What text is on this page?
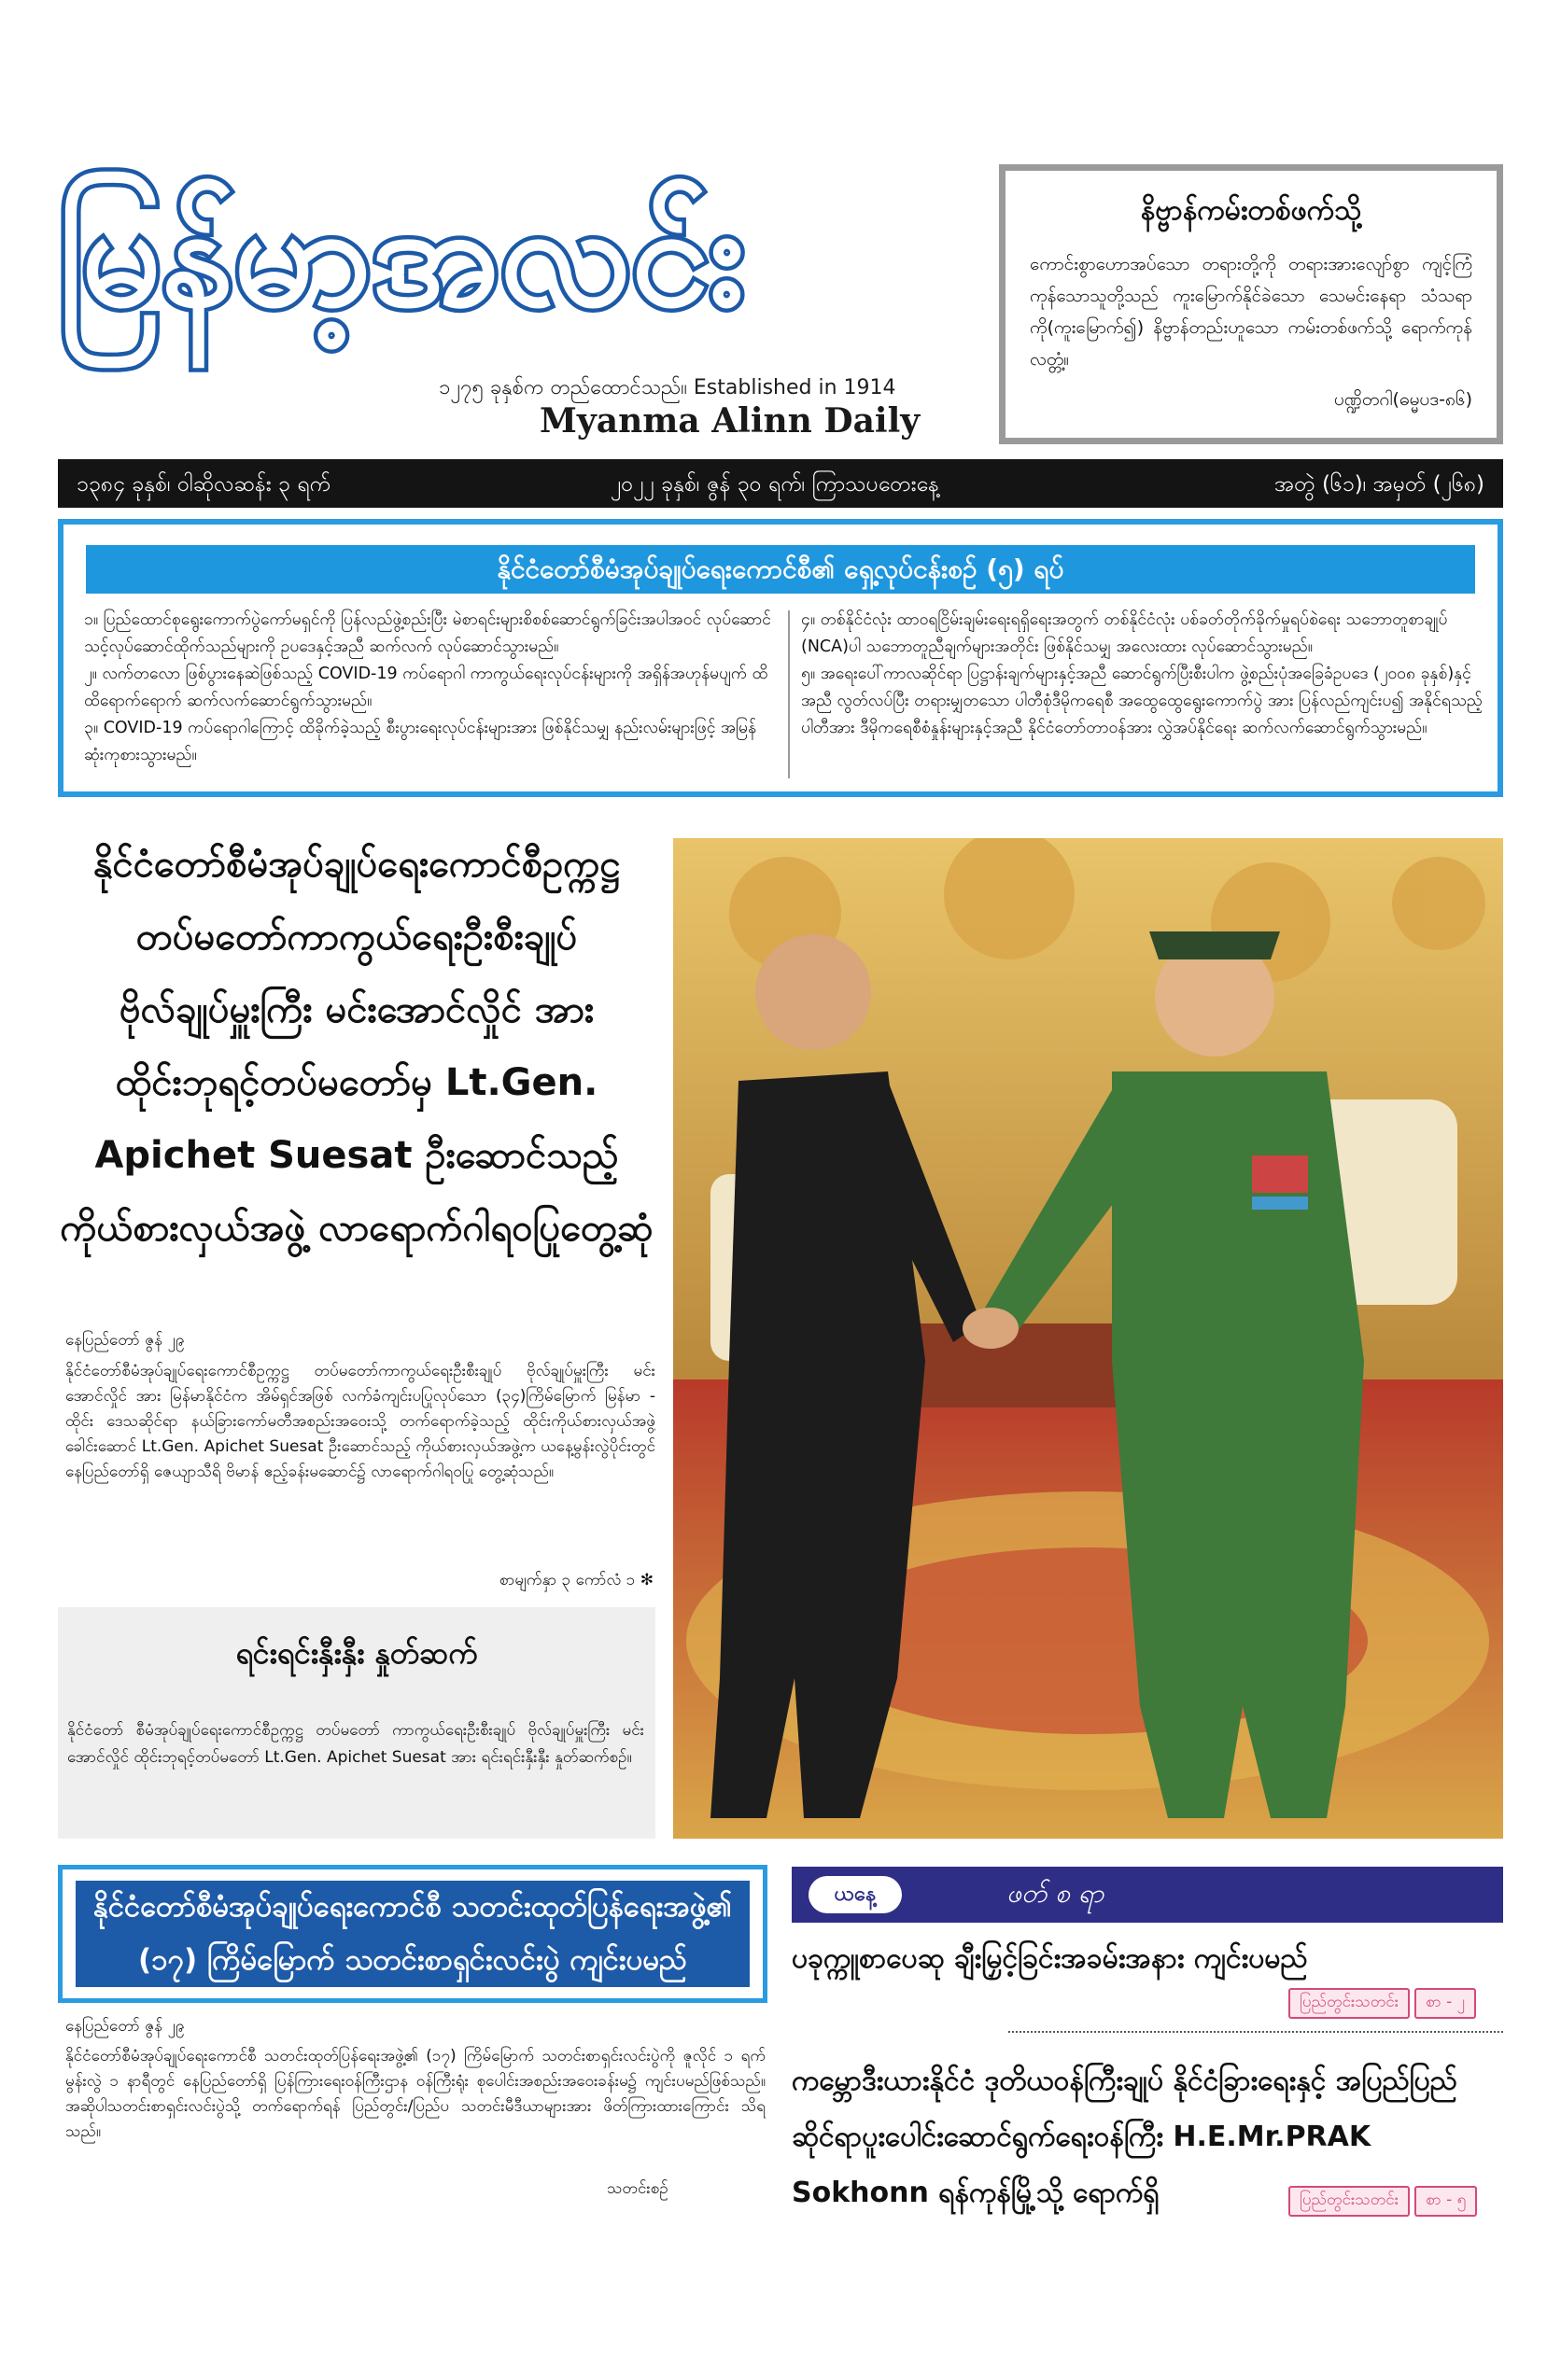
မြန်မာ့အလင်း
၁၂၇၅ ခုနှစ်က တည်ထောင်သည်။ Established in 1914
Myanma Alinn Daily
နိဗ္ဗာန်ကမ်းတစ်ဖက်သို့
ကောင်းစွာဟောအပ်သော တရားတို့ကို တရားအားလျော်စွာ ကျင့်ကြံကုန်သောသူတို့သည် ကူးမြောက်နိုင်ခဲသော သေမင်းနေရာ သံသရာကို(ကူးမြောက်၍) နိဗ္ဗာန်တည်းဟူသော ကမ်းတစ်ဖက်သို့ ရောက်ကုန်လတ္တံ့။
ပဏ္ဍိတဂါ(ဓမ္မပဒ-၈၆)
၁၃၈၄ ခုနှစ်၊ ဝါဆိုလဆန်း ၃ ရက်	၂၀၂၂ ခုနှစ်၊ ဇွန် ၃၀ ရက်၊ ကြာသပတေးနေ့	အတွဲ (၆၁)၊ အမှတ် (၂၆၈)
နိုင်ငံတော်စီမံအုပ်ချုပ်ရေးကောင်စီ၏ ရှေ့လုပ်ငန်းစဉ် (၅) ရပ်
၁။ ပြည်ထောင်စုရွေးကောက်ပွဲကော်မရှင်ကို ပြန်လည်ဖွဲ့စည်းပြီး မဲစာရင်းများစိစစ်ဆောင်ရွက်ခြင်းအပါအဝင် လုပ်ဆောင်သင့်လုပ်ဆောင်ထိုက်သည်များကို ဥပဒေနှင့်အညီ ဆက်လက် လုပ်ဆောင်သွားမည်။
၂။ လက်တလော ဖြစ်ပွားနေဆဲဖြစ်သည့် COVID-19 ကပ်ရောဂါ ကာကွယ်ရေးလုပ်ငန်းများကို အရှိန်အဟုန်မပျက် ထိထိရောက်ရောက် ဆက်လက်ဆောင်ရွက်သွားမည်။
၃။ COVID-19 ကပ်ရောဂါကြောင့် ထိခိုက်ခဲ့သည့် စီးပွားရေးလုပ်ငန်းများအား ဖြစ်နိုင်သမျှ နည်းလမ်းများဖြင့် အမြန်ဆုံးကုစားသွားမည်။
၄။ တစ်နိုင်ငံလုံး ထာဝရငြိမ်းချမ်းရေးရရှိရေးအတွက် တစ်နိုင်ငံလုံး ပစ်ခတ်တိုက်ခိုက်မှုရပ်စဲရေး သဘောတူစာချုပ် (NCA)ပါ သဘောတူညီချက်များအတိုင်း ဖြစ်နိုင်သမျှ အလေးထား လုပ်ဆောင်သွားမည်။
၅။ အရေးပေါ်ကာလဆိုင်ရာ ပြဋ္ဌာန်းချက်များနှင့်အညီ ဆောင်ရွက်ပြီးစီးပါက ဖွဲ့စည်းပုံအခြေခံဥပဒေ (၂၀၀၈ ခုနှစ်)နှင့်အညီ လွတ်လပ်ပြီး တရားမျှတသော ပါတီစုံဒီမိုကရေစီ အထွေထွေရွေးကောက်ပွဲ အား ပြန်လည်ကျင်းပ၍ အနိုင်ရသည့်ပါတီအား ဒီမိုကရေစီစံနှုန်းများနှင့်အညီ နိုင်ငံတော်တာဝန်အား လွှဲအပ်နိုင်ရေး ဆက်လက်ဆောင်ရွက်သွားမည်။
နိုင်ငံတော်စီမံအုပ်ချုပ်ရေးကောင်စီဥက္ကဋ္ဌ
တပ်မတော်ကာကွယ်ရေးဦးစီးချုပ်
ဗိုလ်ချုပ်မှူးကြီး မင်းအောင်လှိုင် အား
ထိုင်းဘုရင့်တပ်မတော်မှ Lt.Gen.
Apichet Suesat ဦးဆောင်သည့်
ကိုယ်စားလှယ်အဖွဲ့ လာရောက်ဂါရဝပြုတွေ့ဆုံ
နေပြည်တော် ဇွန် ၂၉
နိုင်ငံတော်စီမံအုပ်ချုပ်ရေးကောင်စီဥက္ကဋ္ဌ တပ်မတော်ကာကွယ်ရေးဦးစီးချုပ် ဗိုလ်ချုပ်မှူးကြီး မင်းအောင်လှိုင် အား မြန်မာနိုင်ငံက အိမ်ရှင်အဖြစ် လက်ခံကျင်းပပြုလုပ်သော (၃၄)ကြိမ်မြောက် မြန်မာ - ထိုင်း ဒေသဆိုင်ရာ နယ်ခြားကော်မတီအစည်းအဝေးသို့ တက်ရောက်ခဲ့သည့် ထိုင်းကိုယ်စားလှယ်အဖွဲ့ခေါင်းဆောင် Lt.Gen. Apichet Suesat ဦးဆောင်သည့် ကိုယ်စားလှယ်အဖွဲ့က ယနေ့မွန်းလွဲပိုင်းတွင် နေပြည်တော်ရှိ ဇေယျာသီရိ ဗိမာန် ဧည့်ခန်းမဆောင်၌ လာရောက်ဂါရဝပြု တွေ့ဆုံသည်။
စာမျက်နှာ ၃ ကော်လံ ၁ ✻
ရင်းရင်းနှီးနှီး နှုတ်ဆက်
နိုင်ငံတော် စီမံအုပ်ချုပ်ရေးကောင်စီဥက္ကဋ္ဌ တပ်မတော် ကာကွယ်ရေးဦးစီးချုပ် ဗိုလ်ချုပ်မှူးကြီး မင်းအောင်လှိုင် ထိုင်းဘုရင့်တပ်မတော် Lt.Gen. Apichet Suesat အား ရင်းရင်းနှီးနှီး နှုတ်ဆက်စဉ်။
နိုင်ငံတော်စီမံအုပ်ချုပ်ရေးကောင်စီ သတင်းထုတ်ပြန်ရေးအဖွဲ့၏
(၁၇) ကြိမ်မြောက် သတင်းစာရှင်းလင်းပွဲ ကျင်းပမည်
နေပြည်တော် ဇွန် ၂၉
နိုင်ငံတော်စီမံအုပ်ချုပ်ရေးကောင်စီ သတင်းထုတ်ပြန်ရေးအဖွဲ့၏ (၁၇) ကြိမ်မြောက် သတင်းစာရှင်းလင်းပွဲကို ဇူလိုင် ၁ ရက် မွန်းလွဲ ၁ နာရီတွင် နေပြည်တော်ရှိ ပြန်ကြားရေးဝန်ကြီးဌာန ဝန်ကြီးရုံး စုပေါင်းအစည်းအဝေးခန်းမ၌ ကျင်းပမည်ဖြစ်သည်။ အဆိုပါသတင်းစာရှင်းလင်းပွဲသို့ တက်ရောက်ရန် ပြည်တွင်း/ပြည်ပ သတင်းမီဒီယာများအား ဖိတ်ကြားထားကြောင်း သိရသည်။
သတင်းစဉ်
ယနေ့	ဖတ် စ ရာ
ပခုက္ကူစာပေဆု ချီးမြှင့်ခြင်းအခမ်းအနား ကျင်းပမည်
ပြည်တွင်းသတင်း စာ - ၂
ကမ္ဘောဒီးယားနိုင်ငံ ဒုတိယဝန်ကြီးချုပ် နိုင်ငံခြားရေးနှင့် အပြည်ပြည်ဆိုင်ရာပူးပေါင်းဆောင်ရွက်ရေးဝန်ကြီး H.E.Mr.PRAK Sokhonn ရန်ကုန်မြို့သို့ ရောက်ရှိ	ပြည်တွင်းသတင်း စာ - ၅
